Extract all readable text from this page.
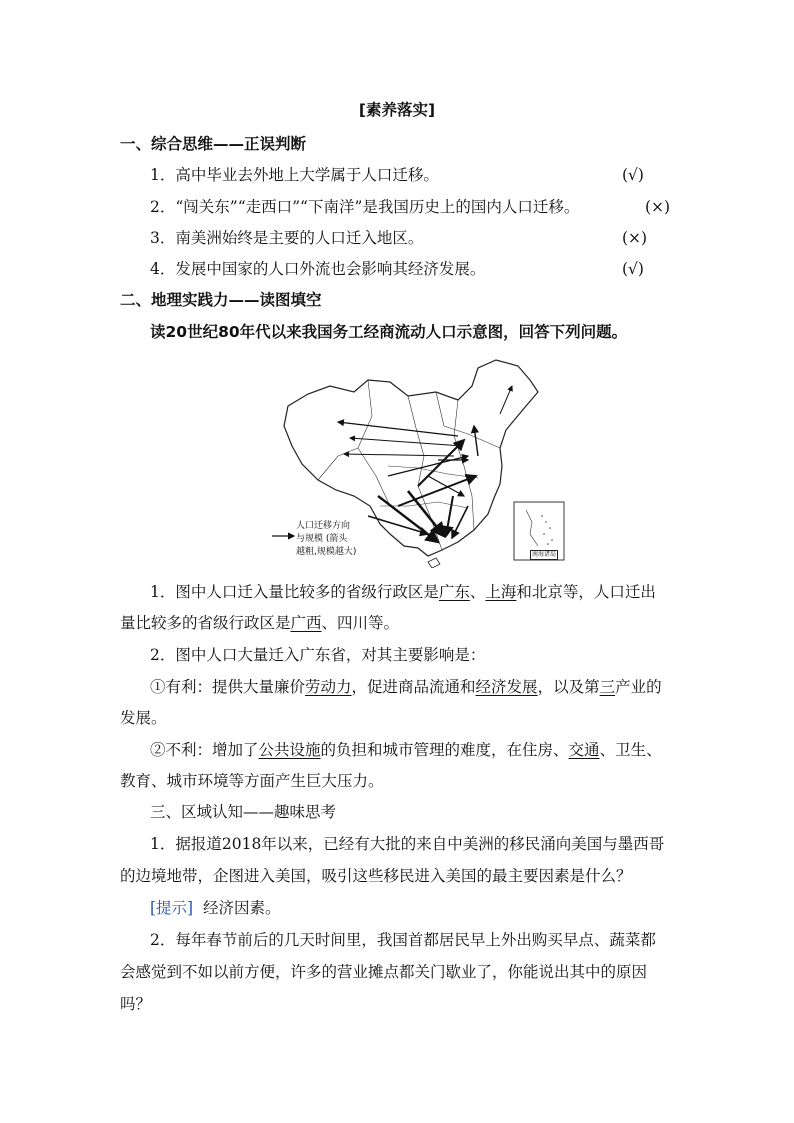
[素养落实]
一、综合思维——正误判断
1．高中毕业去外地上大学属于人口迁移。	(√)
2．“闯关东”“走西口”“下南洋”是我国历史上的国内人口迁移。	(×)
3．南美洲始终是主要的人口迁入地区。	(×)
4．发展中国家的人口外流也会影响其经济发展。	(√)
二、地理实践力——读图填空
读20世纪80年代以来我国务工经商流动人口示意图，回答下列问题。
人口迁移方向
与规模 (箭头
越粗,规模越大)	南海诸岛
1．图中人口迁入量比较多的省级行政区是广东、上海和北京等，人口迁出
量比较多的省级行政区是广西、四川等。
2．图中人口大量迁入广东省，对其主要影响是：
①有利：提供大量廉价劳动力，促进商品流通和经济发展，以及第三产业的
发展。
②不利：增加了公共设施的负担和城市管理的难度，在住房、交通、卫生、
教育、城市环境等方面产生巨大压力。
三、区域认知——趣味思考
1．据报道2018年以来，已经有大批的来自中美洲的移民涌向美国与墨西哥
的边境地带，企图进入美国，吸引这些移民进入美国的最主要因素是什么？
[提示] 经济因素。
2．每年春节前后的几天时间里，我国首都居民早上外出购买早点、蔬菜都
会感觉到不如以前方便，许多的营业摊点都关门歇业了，你能说出其中的原因
吗？
